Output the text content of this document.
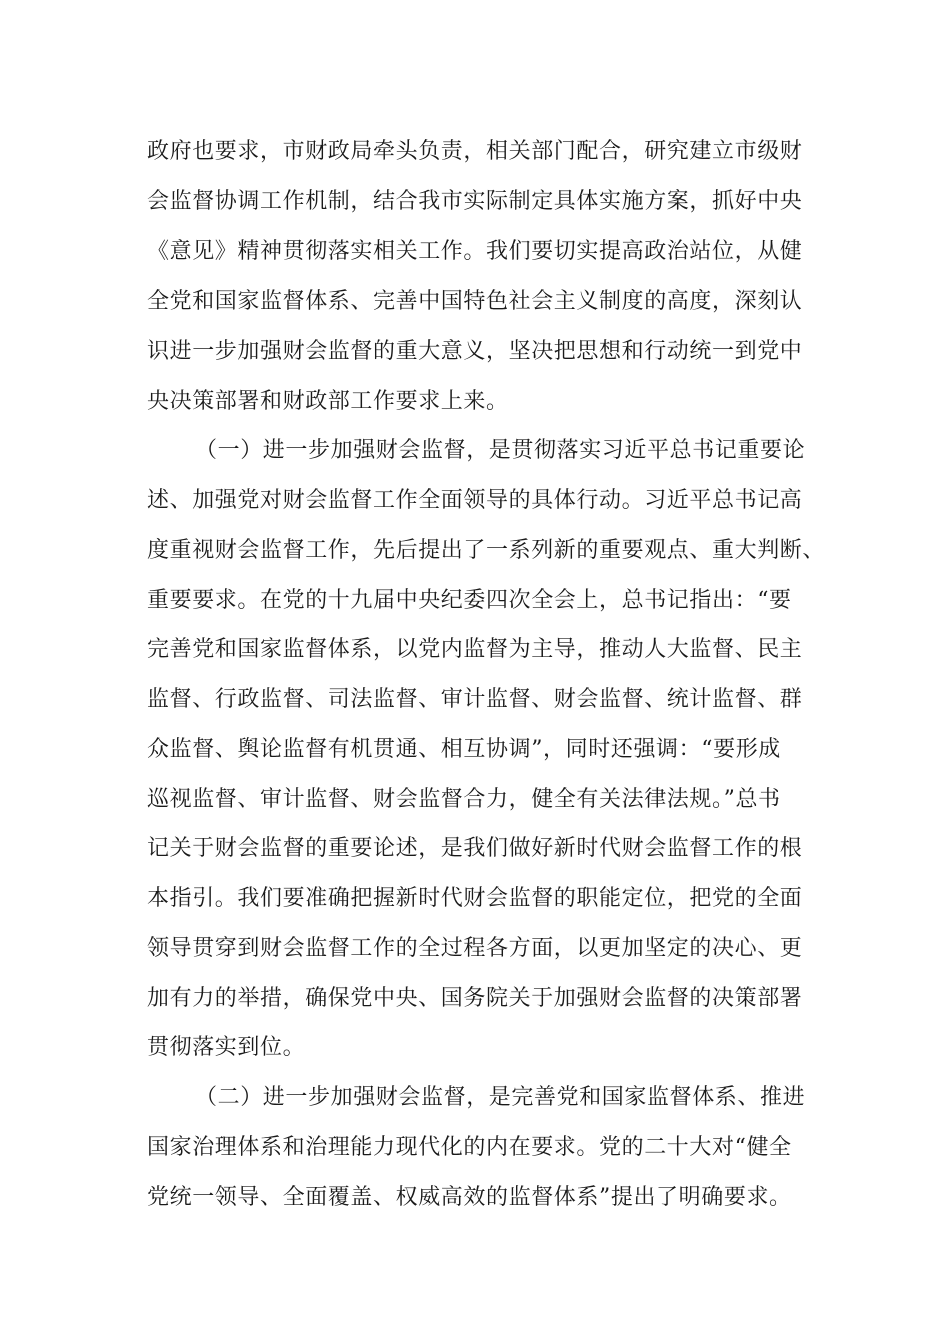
政府也要求，市财政局牵头负责，相关部门配合，研究建立市级财
会监督协调工作机制，结合我市实际制定具体实施方案，抓好中央
《意见》精神贯彻落实相关工作。我们要切实提高政治站位，从健
全党和国家监督体系、完善中国特色社会主义制度的高度，深刻认
识进一步加强财会监督的重大意义，坚决把思想和行动统一到党中
央决策部署和财政部工作要求上来。
（一）进一步加强财会监督，是贯彻落实习近平总书记重要论
述、加强党对财会监督工作全面领导的具体行动。习近平总书记高
度重视财会监督工作，先后提出了一系列新的重要观点、重大判断、
重要要求。在党的十九届中央纪委四次全会上，总书记指出：“要
完善党和国家监督体系，以党内监督为主导，推动人大监督、民主
监督、行政监督、司法监督、审计监督、财会监督、统计监督、群
众监督、舆论监督有机贯通、相互协调”，同时还强调：“要形成
巡视监督、审计监督、财会监督合力，健全有关法律法规。”总书
记关于财会监督的重要论述，是我们做好新时代财会监督工作的根
本指引。我们要准确把握新时代财会监督的职能定位，把党的全面
领导贯穿到财会监督工作的全过程各方面，以更加坚定的决心、更
加有力的举措，确保党中央、国务院关于加强财会监督的决策部署
贯彻落实到位。
（二）进一步加强财会监督，是完善党和国家监督体系、推进
国家治理体系和治理能力现代化的内在要求。党的二十大对“健全
党统一领导、全面覆盖、权威高效的监督体系”提出了明确要求。
